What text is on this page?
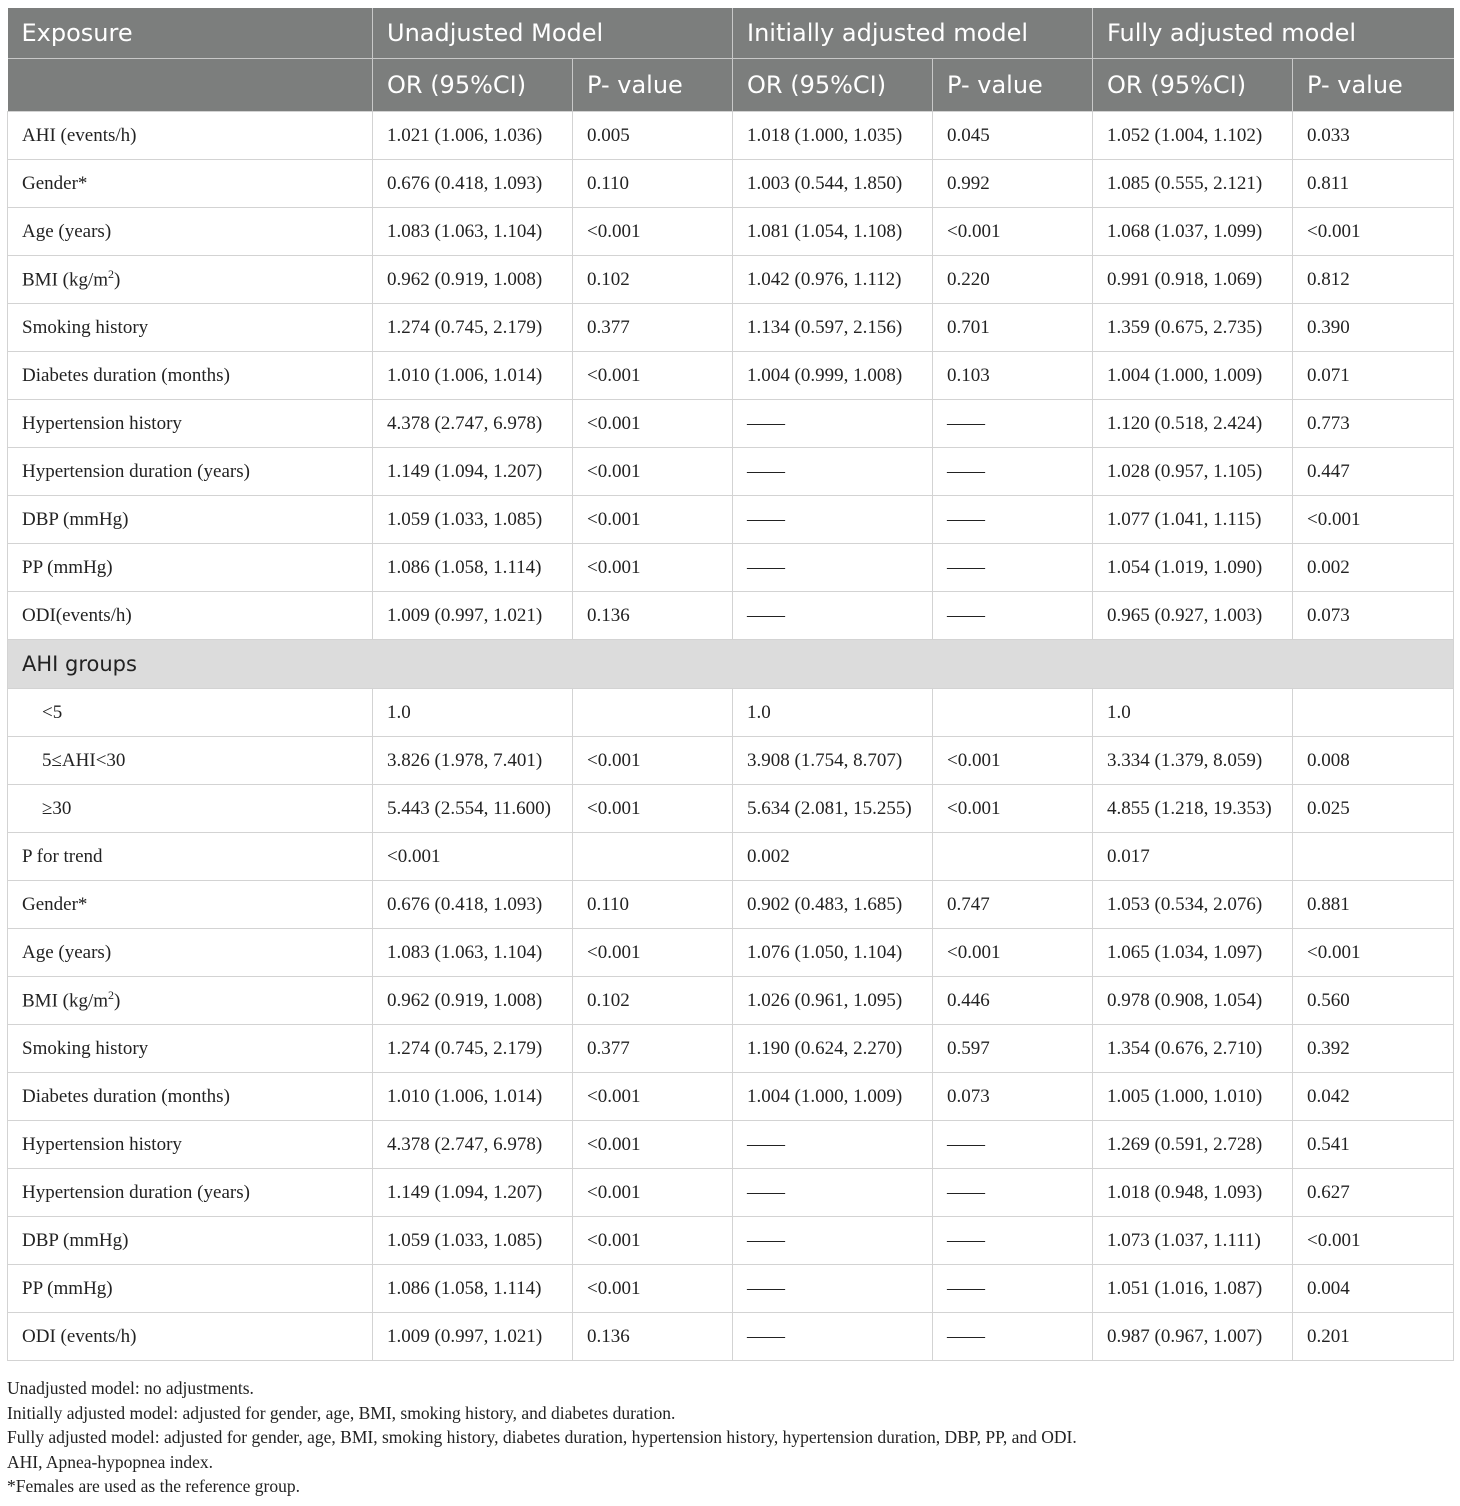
Exposure	Unadjusted Model		Initially adjusted model		Fully adjusted model	
	OR (95%CI)	P- value	OR (95%CI)	P- value	OR (95%CI)	P- value
AHI (events/h)	1.021 (1.006, 1.036)	0.005	1.018 (1.000, 1.035)	0.045	1.052 (1.004, 1.102)	0.033
Gender*	0.676 (0.418, 1.093)	0.110	1.003 (0.544, 1.850)	0.992	1.085 (0.555, 2.121)	0.811
Age (years)	1.083 (1.063, 1.104)	<0.001	1.081 (1.054, 1.108)	<0.001	1.068 (1.037, 1.099)	<0.001
BMI $(kg/m^2)$	0.962 (0.919, 1.008)	0.102	1.042 (0.976, 1.112)	0.220	0.991 (0.918, 1.069)	0.812
Smoking history	1.274 (0.745, 2.179)	0.377	1.134 (0.597, 2.156)	0.701	1.359 (0.675, 2.735)	0.390
Diabetes duration (months)	1.010 (1.006, 1.014)	<0.001	1.004 (0.999, 1.008)	0.103	1.004 (1.000, 1.009)	0.071
Hypertension history	4.378 (2.747, 6.978)	<0.001	——	——	1.120 (0.518, 2.424)	0.773
Hypertension duration (years)	1.149 (1.094, 1.207)	<0.001	——	——	1.028 (0.957, 1.105)	0.447
DBP (mmHg)	1.059 (1.033, 1.085)	<0.001	——	——	1.077 (1.041, 1.115)	<0.001
PP (mmHg)	1.086 (1.058, 1.114)	<0.001	——	——	1.054 (1.019, 1.090)	0.002
ODI(events/h)	1.009 (0.997, 1.021)	0.136	——	——	0.965 (0.927, 1.003)	0.073
AHI groups						
<5	1.0		1.0		1.0	
5≤AHI<30	3.826 (1.978, 7.401)	<0.001	3.908 (1.754, 8.707)	<0.001	3.334 (1.379, 8.059)	0.008
≥30	5.443 (2.554, 11.600)	<0.001	5.634 (2.081, 15.255)	<0.001	4.855 (1.218, 19.353)	0.025
P for trend	<0.001		0.002		0.017	
Gender*	0.676 (0.418, 1.093)	0.110	0.902 (0.483, 1.685)	0.747	1.053 (0.534, 2.076)	0.881
Age (years)	1.083 (1.063, 1.104)	<0.001	1.076 (1.050, 1.104)	<0.001	1.065 (1.034, 1.097)	<0.001
BMI $(kg/m^2)$	0.962 (0.919, 1.008)	0.102	1.026 (0.961, 1.095)	0.446	0.978 (0.908, 1.054)	0.560
Smoking history	1.274 (0.745, 2.179)	0.377	1.190 (0.624, 2.270)	0.597	1.354 (0.676, 2.710)	0.392
Diabetes duration (months)	1.010 (1.006, 1.014)	<0.001	1.004 (1.000, 1.009)	0.073	1.005 (1.000, 1.010)	0.042
Hypertension history	4.378 (2.747, 6.978)	<0.001	——	——	1.269 (0.591, 2.728)	0.541
Hypertension duration (years)	1.149 (1.094, 1.207)	<0.001	——	——	1.018 (0.948, 1.093)	0.627
DBP (mmHg)	1.059 (1.033, 1.085)	<0.001	——	——	1.073 (1.037, 1.111)	<0.001
PP (mmHg)	1.086 (1.058, 1.114)	<0.001	——	——	1.051 (1.016, 1.087)	0.004
ODI (events/h)	1.009 (0.997, 1.021)	0.136	——	——	0.987 (0.967, 1.007)	0.201
Unadjusted model: no adjustments.
Initially adjusted model: adjusted for gender, age, BMI, smoking history, and diabetes duration.
Fully adjusted model: adjusted for gender, age, BMI, smoking history, diabetes duration, hypertension history, hypertension duration, DBP, PP, and ODI.
AHI, Apnea-hypopnea index.
*Females are used as the reference group.
